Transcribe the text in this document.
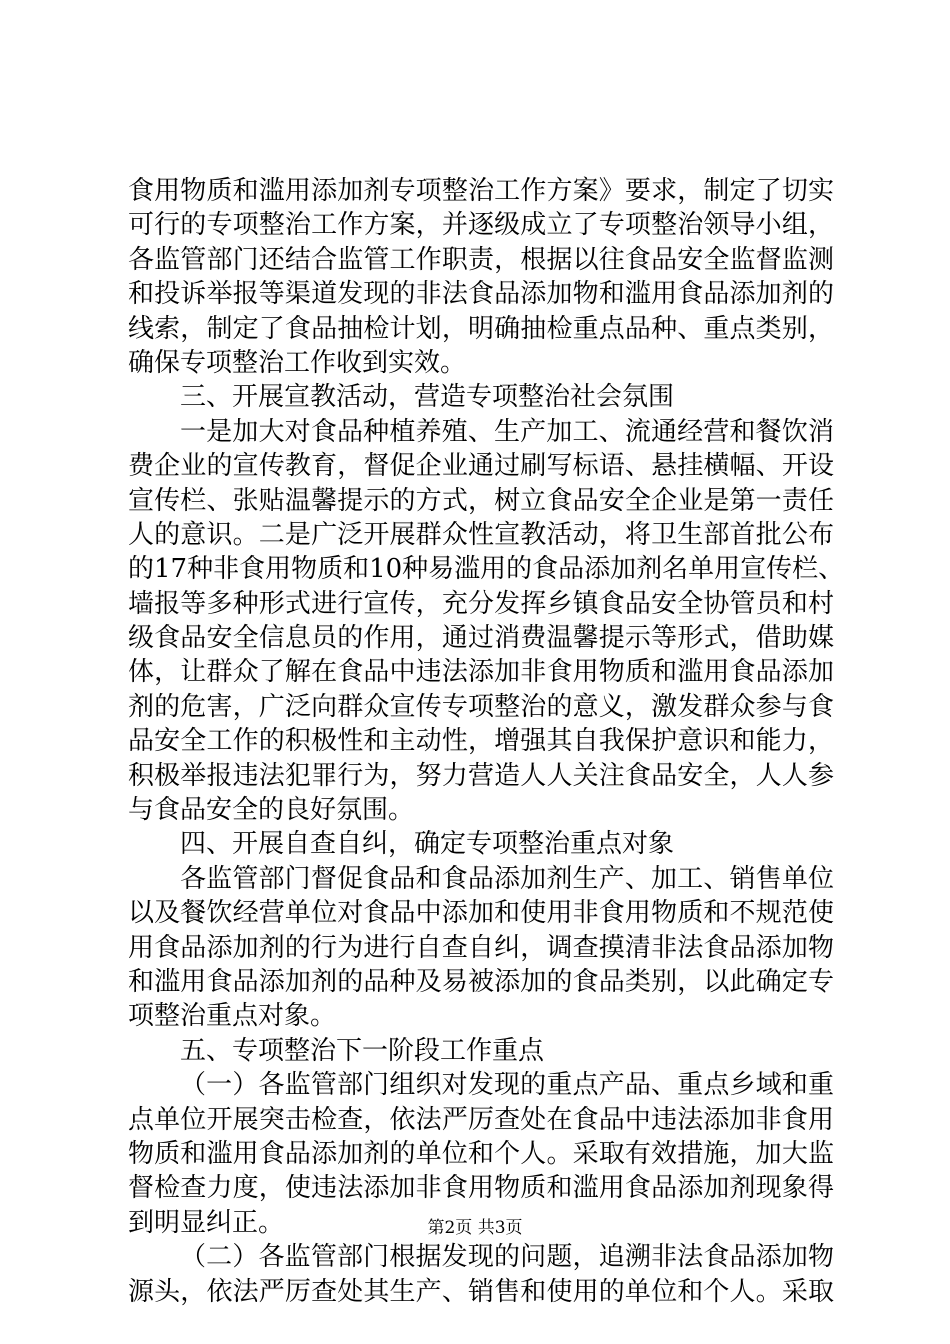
食用物质和滥用添加剂专项整治工作方案》要求，制定了切实
可行的专项整治工作方案，并逐级成立了专项整治领导小组，
各监管部门还结合监管工作职责，根据以往食品安全监督监测
和投诉举报等渠道发现的非法食品添加物和滥用食品添加剂的
线索，制定了食品抽检计划，明确抽检重点品种、重点类别，
确保专项整治工作收到实效。
三、开展宣教活动，营造专项整治社会氛围
一是加大对食品种植养殖、生产加工、流通经营和餐饮消
费企业的宣传教育，督促企业通过刷写标语、悬挂横幅、开设
宣传栏、张贴温馨提示的方式，树立食品安全企业是第一责任
人的意识。二是广泛开展群众性宣教活动，将卫生部首批公布
的17种非食用物质和10种易滥用的食品添加剂名单用宣传栏、
墙报等多种形式进行宣传，充分发挥乡镇食品安全协管员和村
级食品安全信息员的作用，通过消费温馨提示等形式，借助媒
体，让群众了解在食品中违法添加非食用物质和滥用食品添加
剂的危害，广泛向群众宣传专项整治的意义，激发群众参与食
品安全工作的积极性和主动性，增强其自我保护意识和能力，
积极举报违法犯罪行为，努力营造人人关注食品安全，人人参
与食品安全的良好氛围。
四、开展自查自纠，确定专项整治重点对象
各监管部门督促食品和食品添加剂生产、加工、销售单位
以及餐饮经营单位对食品中添加和使用非食用物质和不规范使
用食品添加剂的行为进行自查自纠，调查摸清非法食品添加物
和滥用食品添加剂的品种及易被添加的食品类别，以此确定专
项整治重点对象。
五、专项整治下一阶段工作重点
（一）各监管部门组织对发现的重点产品、重点乡域和重
点单位开展突击检查，依法严厉查处在食品中违法添加非食用
物质和滥用食品添加剂的单位和个人。采取有效措施，加大监
督检查力度，使违法添加非食用物质和滥用食品添加剂现象得
到明显纠正。
（二）各监管部门根据发现的问题，追溯非法食品添加物
源头，依法严厉查处其生产、销售和使用的单位和个人。采取
第2页 共3页
